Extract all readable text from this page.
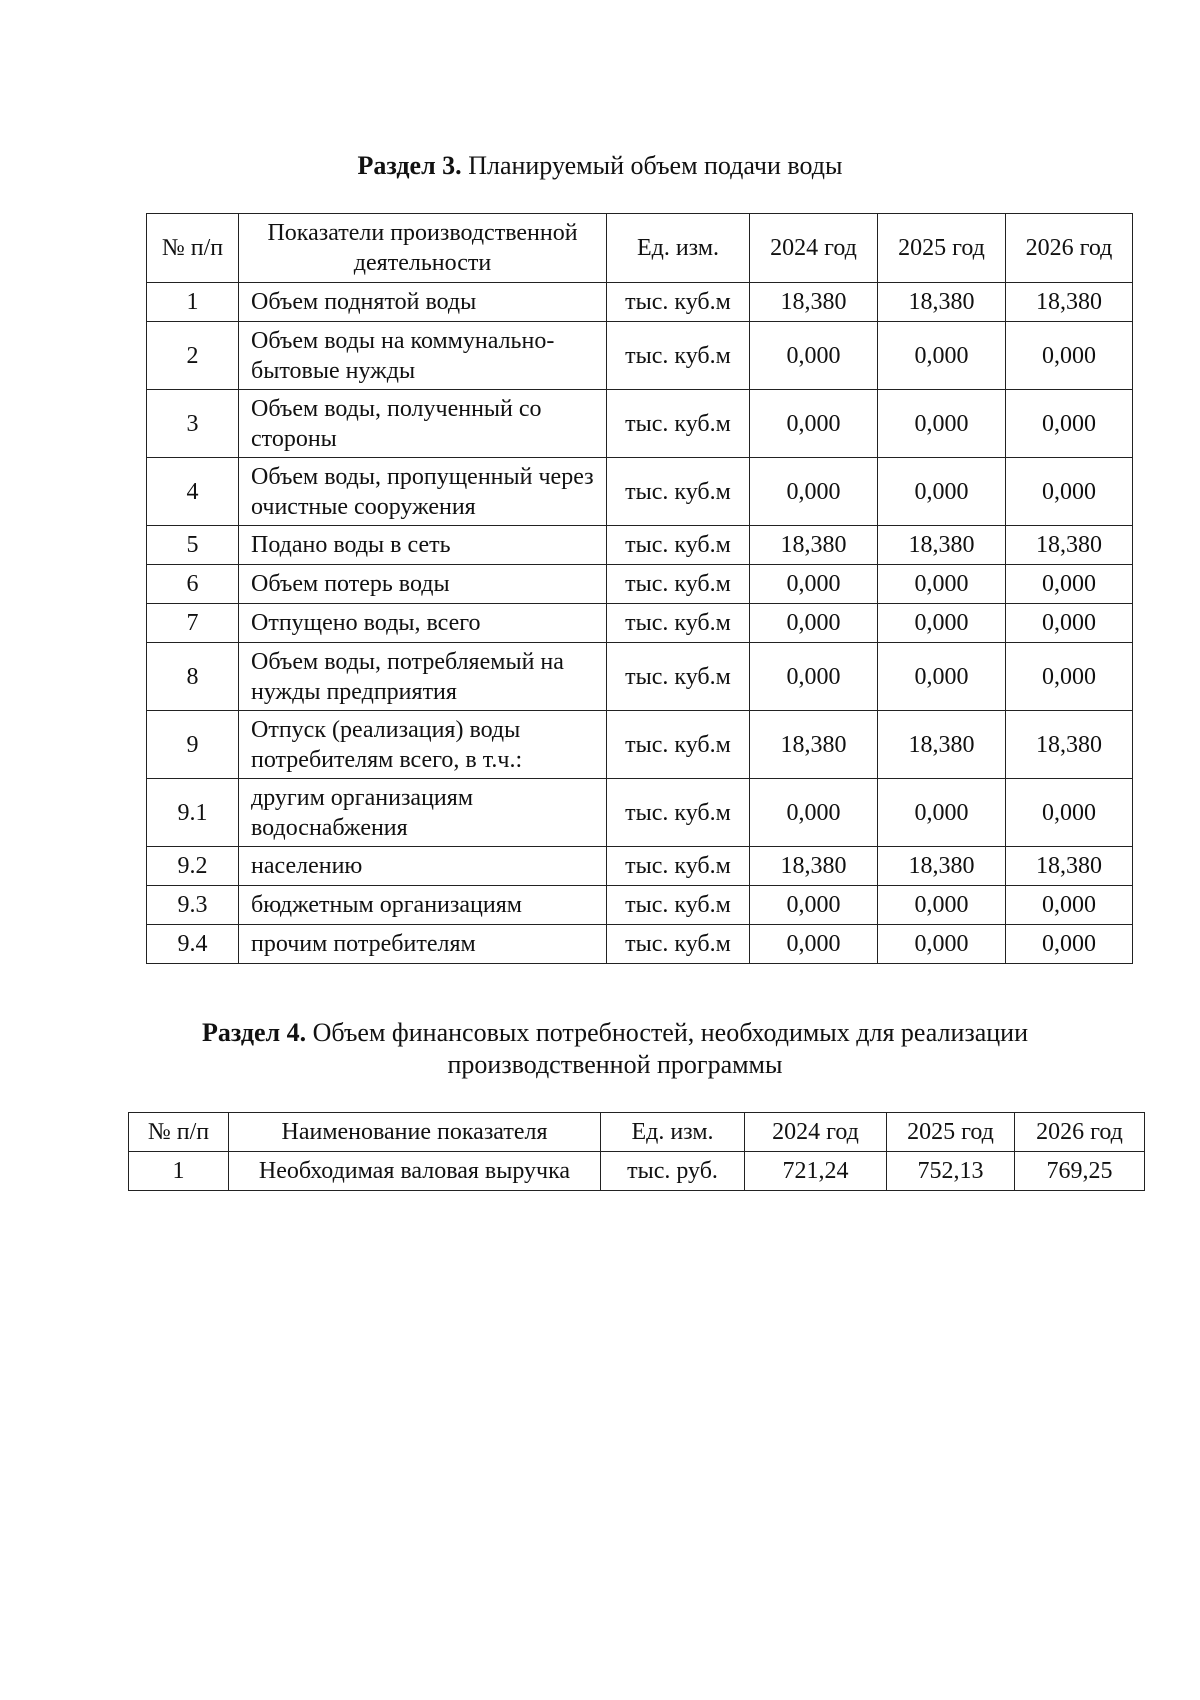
Раздел 3. Планируемый объем подачи воды
№ п/п	Показатели производственной деятельности	Ед. изм.	2024 год	2025 год	2026 год
1	Объем поднятой воды	тыс. куб.м	18,380	18,380	18,380
2	Объем воды на коммунально-бытовые нужды	тыс. куб.м	0,000	0,000	0,000
3	Объем воды, полученный со стороны	тыс. куб.м	0,000	0,000	0,000
4	Объем воды, пропущенный через очистные сооружения	тыс. куб.м	0,000	0,000	0,000
5	Подано воды в сеть	тыс. куб.м	18,380	18,380	18,380
6	Объем потерь воды	тыс. куб.м	0,000	0,000	0,000
7	Отпущено воды, всего	тыс. куб.м	0,000	0,000	0,000
8	Объем воды, потребляемый на нужды предприятия	тыс. куб.м	0,000	0,000	0,000
9	Отпуск (реализация) воды потребителям всего, в т.ч.:	тыс. куб.м	18,380	18,380	18,380
9.1	другим организациям водоснабжения	тыс. куб.м	0,000	0,000	0,000
9.2	населению	тыс. куб.м	18,380	18,380	18,380
9.3	бюджетным организациям	тыс. куб.м	0,000	0,000	0,000
9.4	прочим потребителям	тыс. куб.м	0,000	0,000	0,000
Раздел 4. Объем финансовых потребностей, необходимых для реализации производственной программы
№ п/п	Наименование показателя	Ед. изм.	2024 год	2025 год	2026 год
1	Необходимая валовая выручка	тыс. руб.	721,24	752,13	769,25
